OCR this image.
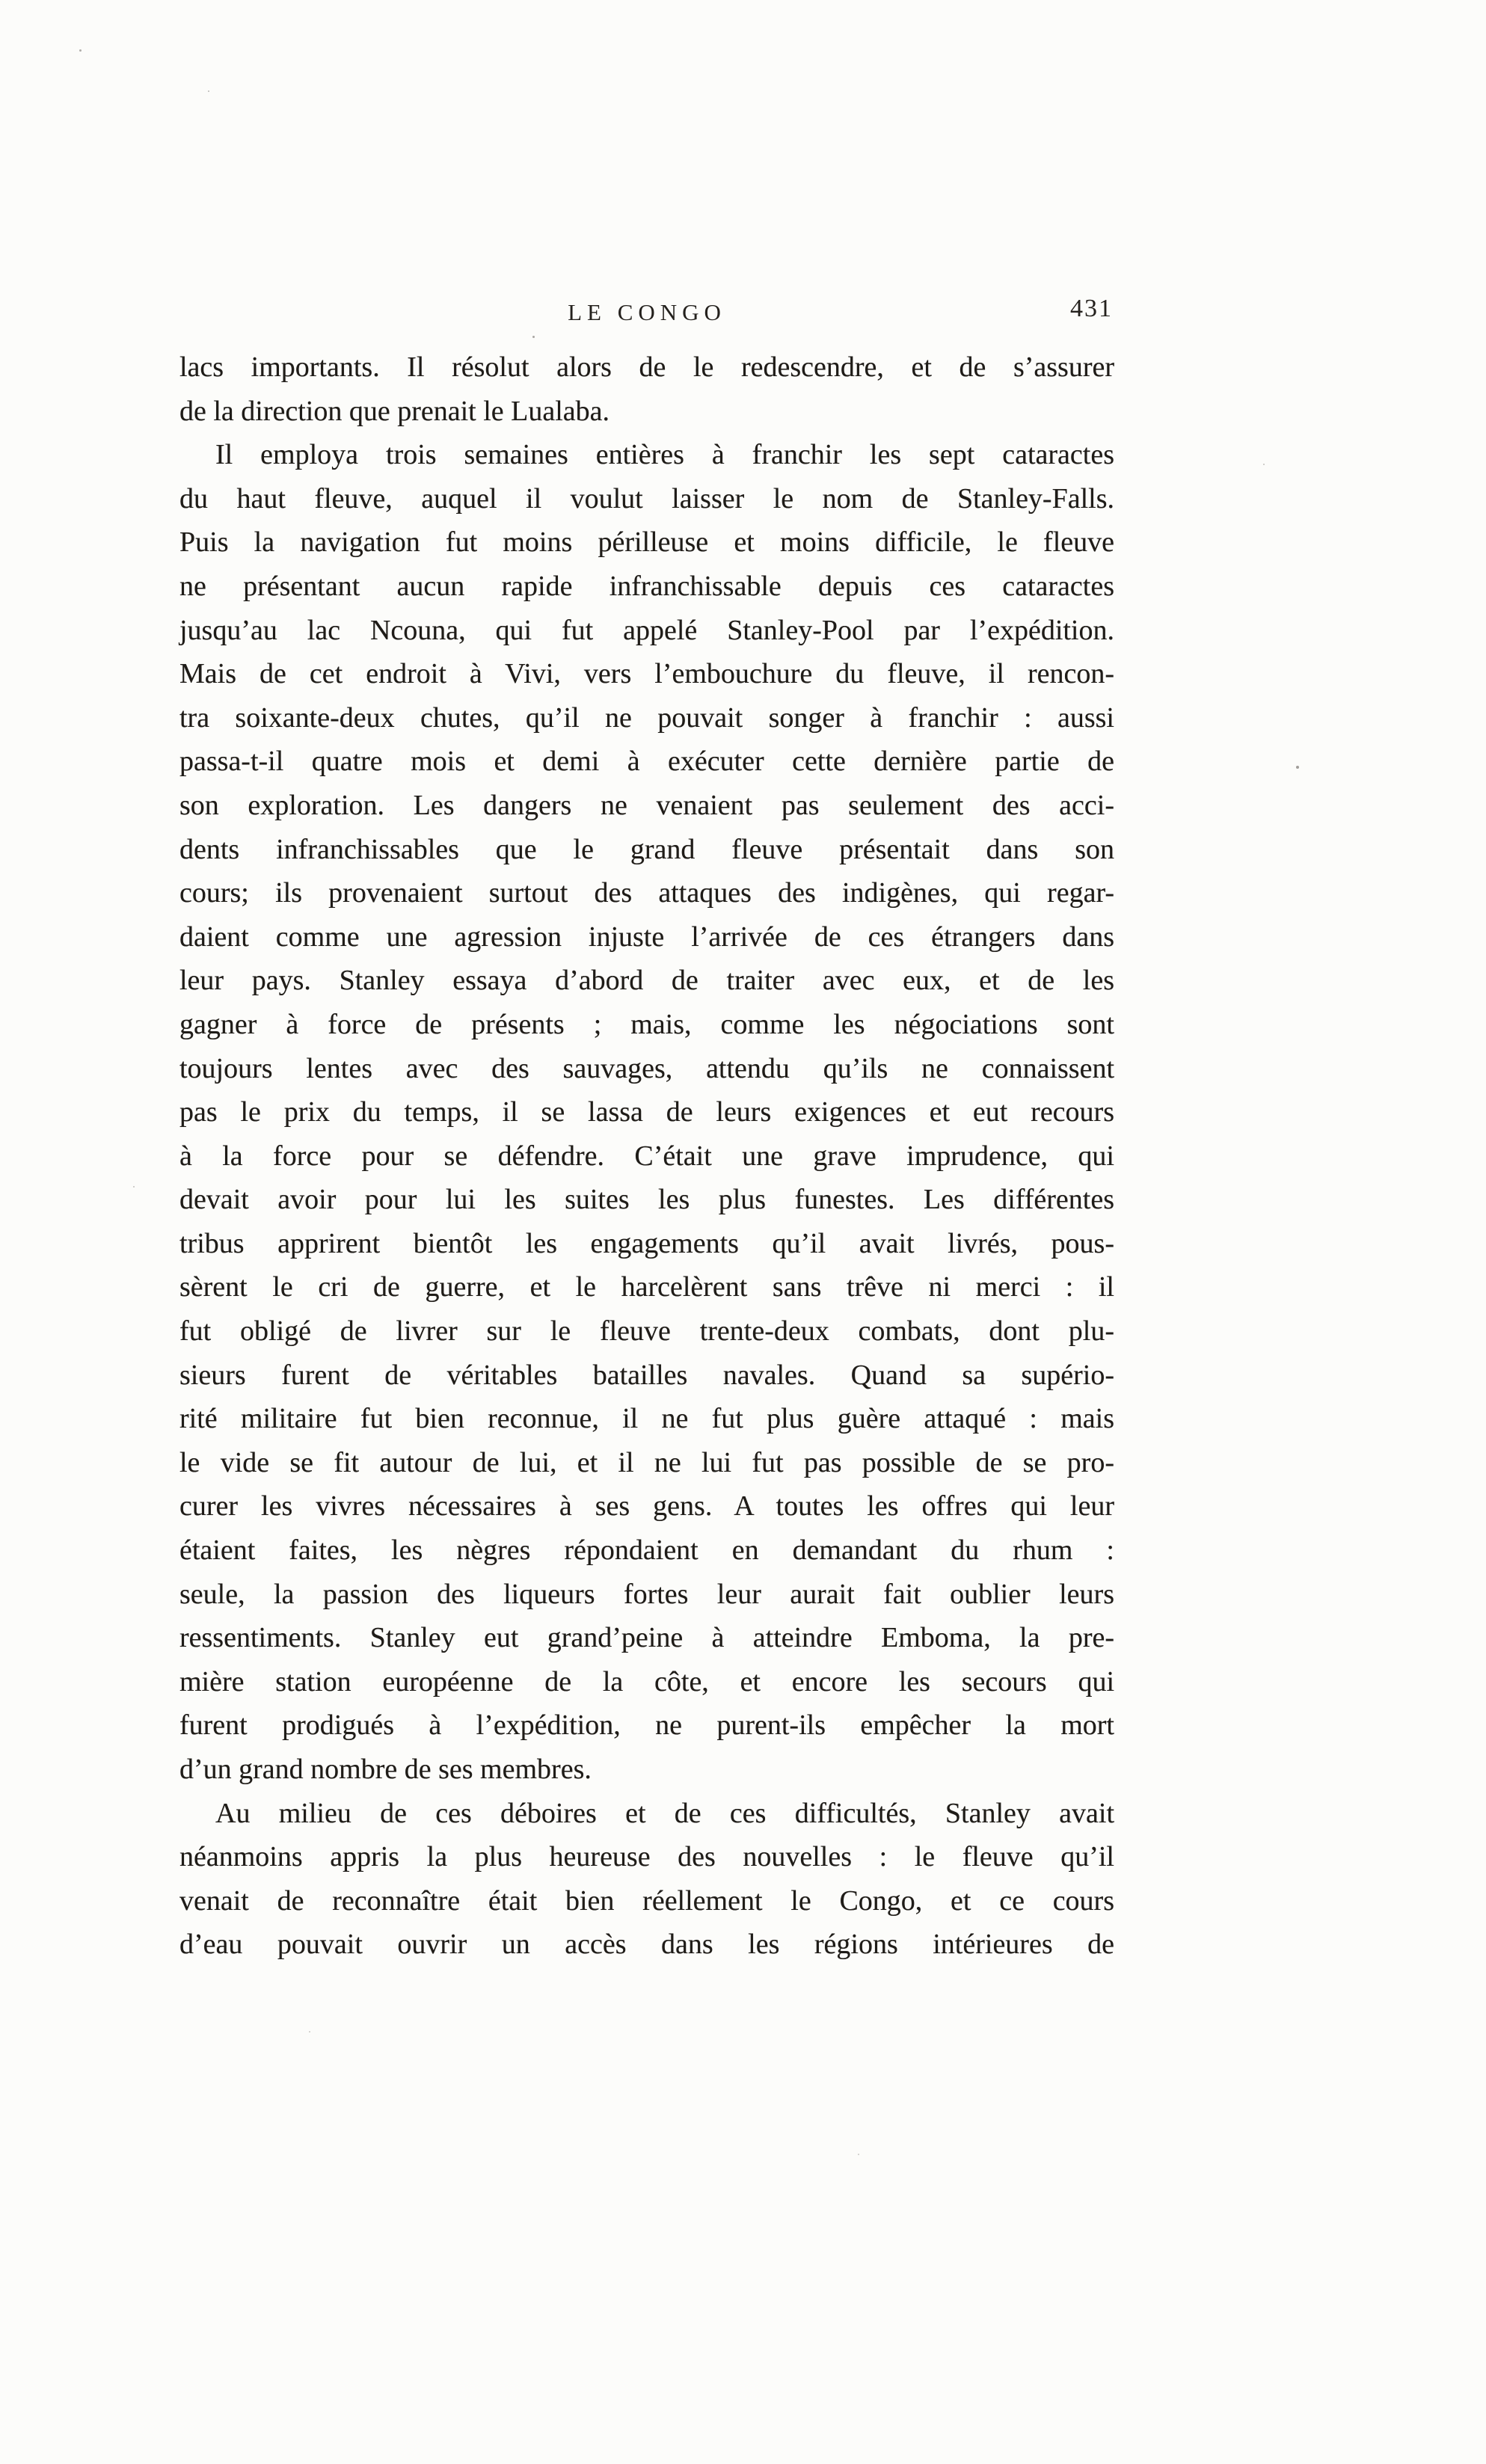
LE CONGO	431
lacs importants. Il résolut alors de le redescendre, et de s’assurer
de la direction que prenait le Lualaba.
Il employa trois semaines entières à franchir les sept cataractes
du haut fleuve, auquel il voulut laisser le nom de Stanley-Falls.
Puis la navigation fut moins périlleuse et moins difficile, le fleuve
ne présentant aucun rapide infranchissable depuis ces cataractes
jusqu’au lac Ncouna, qui fut appelé Stanley-Pool par l’expédition.
Mais de cet endroit à Vivi, vers l’embouchure du fleuve, il rencon-
tra soixante-deux chutes, qu’il ne pouvait songer à franchir : aussi
passa-t-il quatre mois et demi à exécuter cette dernière partie de
son exploration. Les dangers ne venaient pas seulement des acci-
dents infranchissables que le grand fleuve présentait dans son
cours; ils provenaient surtout des attaques des indigènes, qui regar-
daient comme une agression injuste l’arrivée de ces étrangers dans
leur pays. Stanley essaya d’abord de traiter avec eux, et de les
gagner à force de présents ; mais, comme les négociations sont
toujours lentes avec des sauvages, attendu qu’ils ne connaissent
pas le prix du temps, il se lassa de leurs exigences et eut recours
à la force pour se défendre. C’était une grave imprudence, qui
devait avoir pour lui les suites les plus funestes. Les différentes
tribus apprirent bientôt les engagements qu’il avait livrés, pous-
sèrent le cri de guerre, et le harcelèrent sans trêve ni merci : il
fut obligé de livrer sur le fleuve trente-deux combats, dont plu-
sieurs furent de véritables batailles navales. Quand sa supério-
rité militaire fut bien reconnue, il ne fut plus guère attaqué : mais
le vide se fit autour de lui, et il ne lui fut pas possible de se pro-
curer les vivres nécessaires à ses gens. A toutes les offres qui leur
étaient faites, les nègres répondaient en demandant du rhum :
seule, la passion des liqueurs fortes leur aurait fait oublier leurs
ressentiments. Stanley eut grand’peine à atteindre Emboma, la pre-
mière station européenne de la côte, et encore les secours qui
furent prodigués à l’expédition, ne purent-ils empêcher la mort
d’un grand nombre de ses membres.
Au milieu de ces déboires et de ces difficultés, Stanley avait
néanmoins appris la plus heureuse des nouvelles : le fleuve qu’il
venait de reconnaître était bien réellement le Congo, et ce cours
d’eau pouvait ouvrir un accès dans les régions intérieures de
